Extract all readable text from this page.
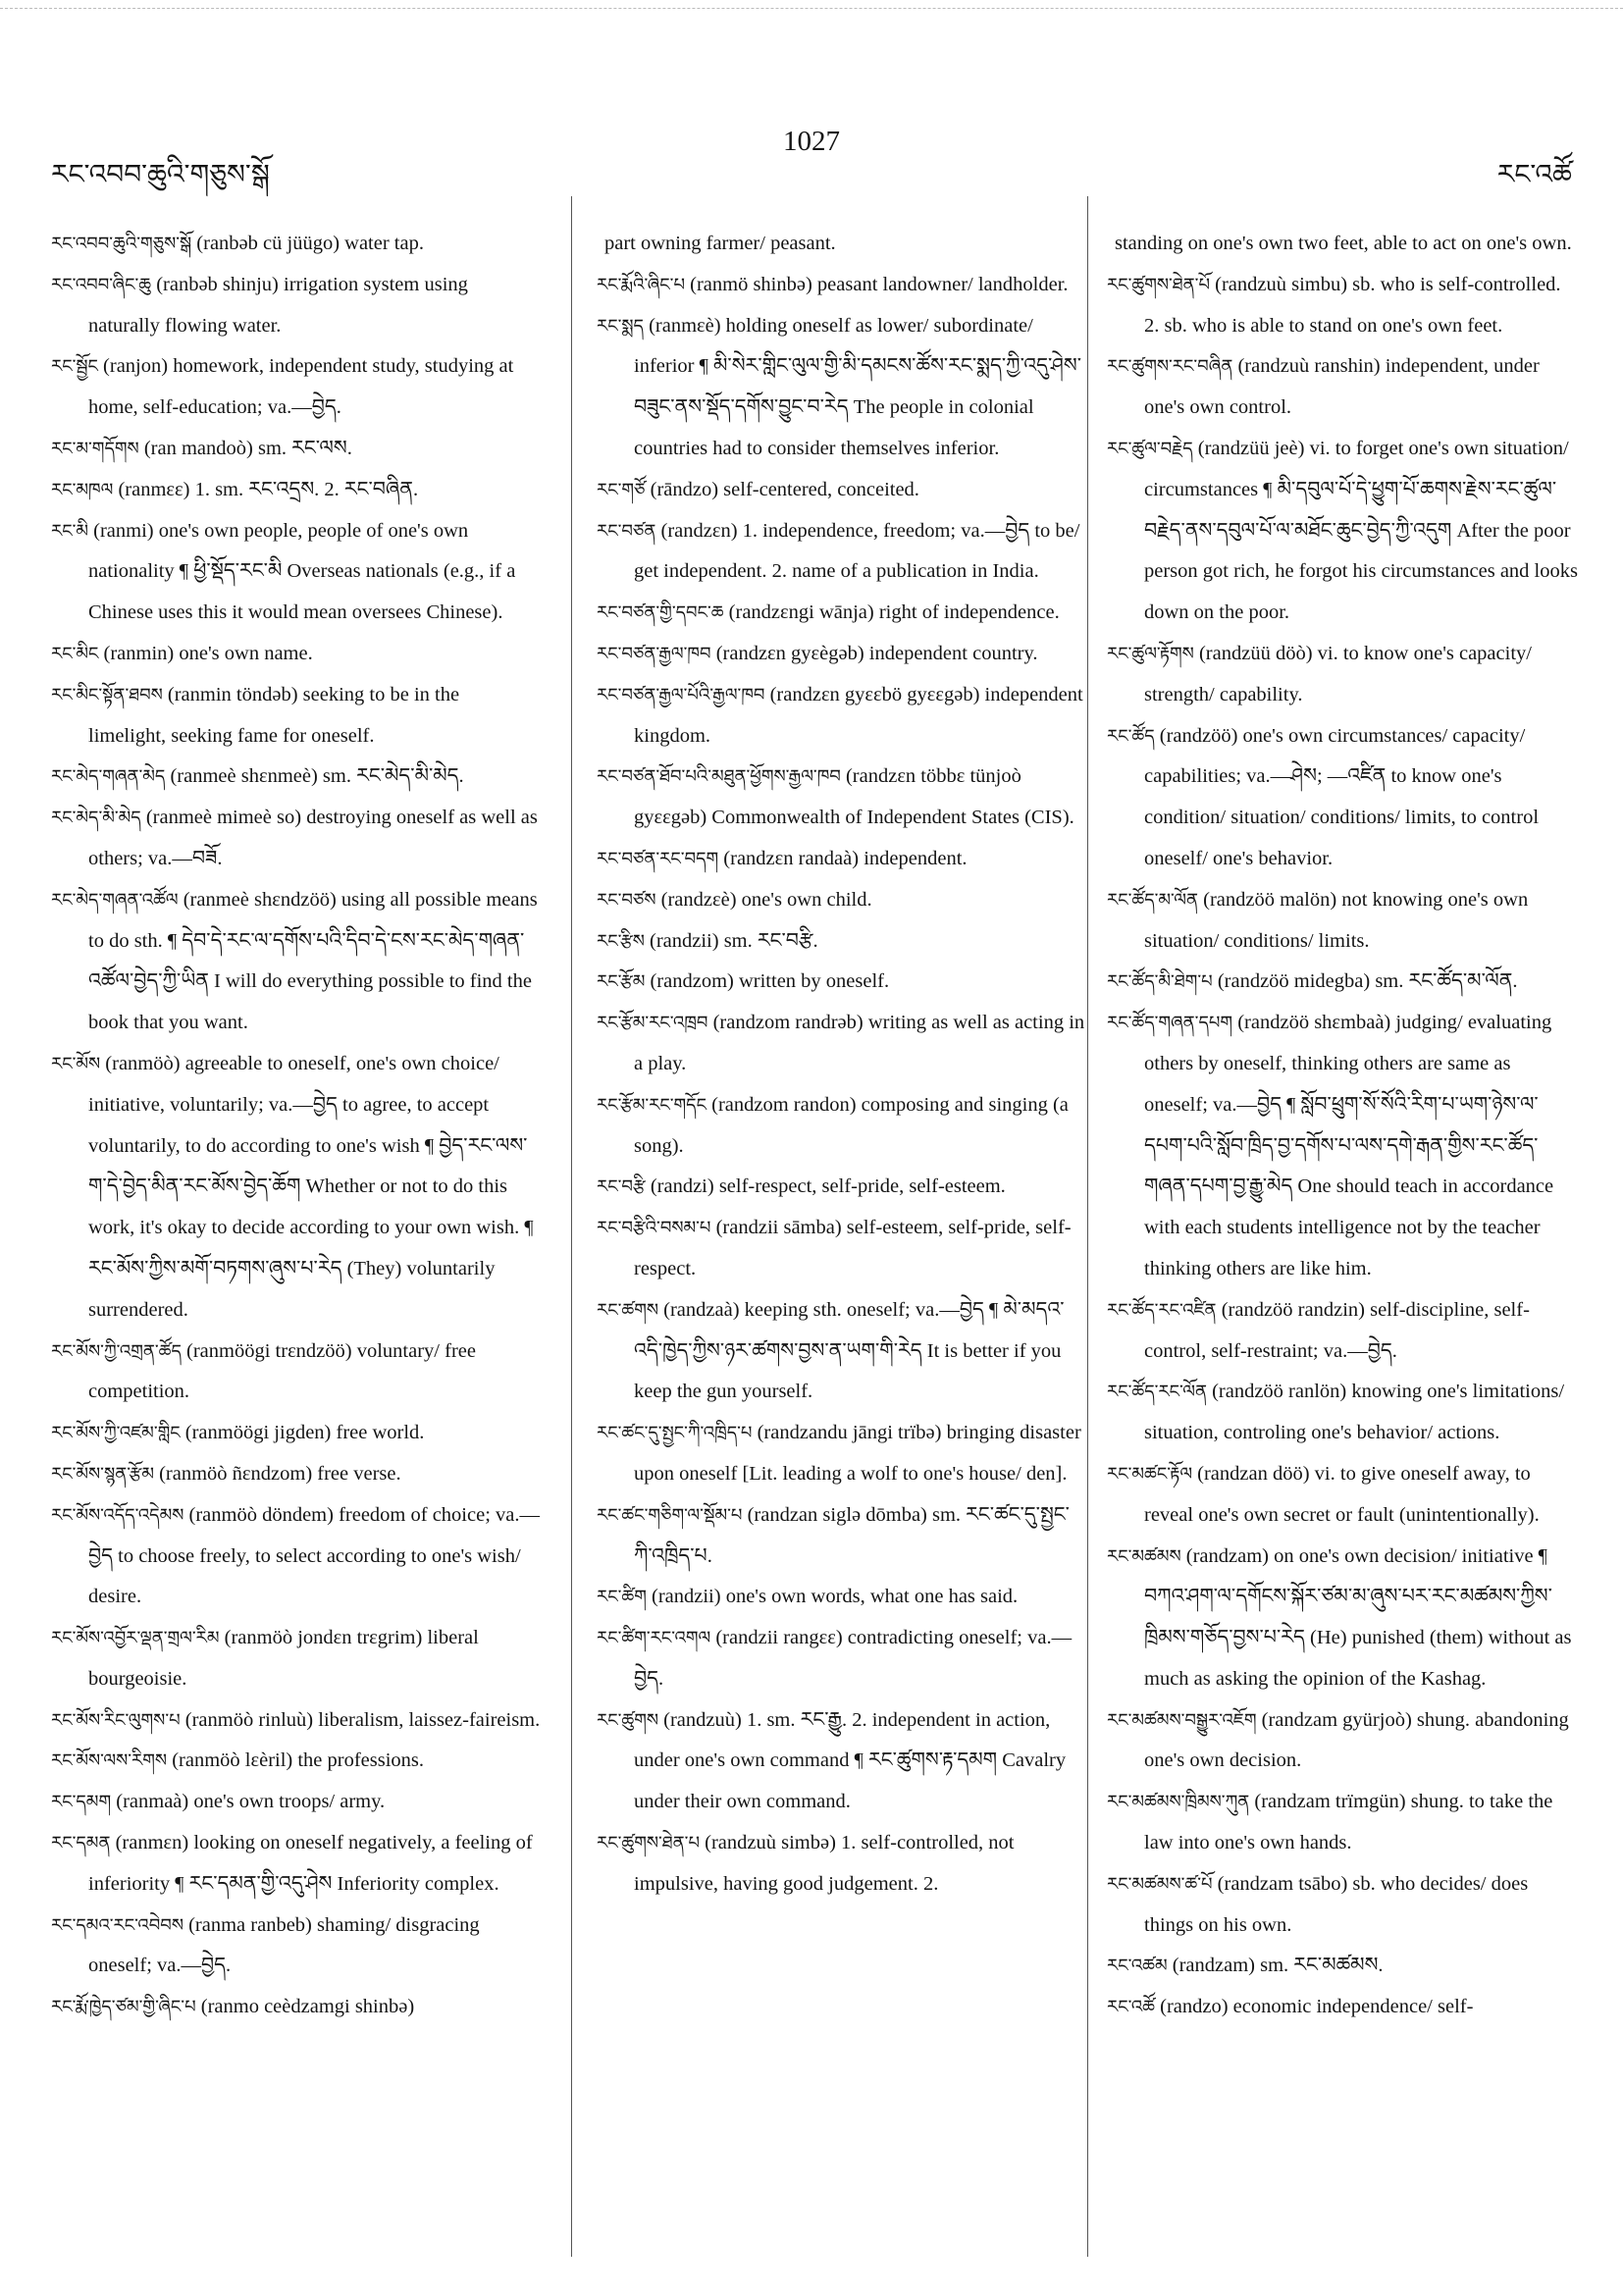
རང་འབབ་ཆུའི་གཅུས་སྒོ
1027
རང་འཚོ
རང་འབབ་ཆུའི་གཅུས་སྒོ (ranbəb cü jüügo) water tap.
རང་འབབ་ཞིང་ཆུ (ranbəb shinju) irrigation system using naturally flowing water.
རང་སྦྱོང (ranjon) homework, independent study, studying at home, self-education; va.—བྱེད.
རང་མ་གདོགས (ran mandoò) sm. རང་ལས.
རང་མཁལ (ranmεε) 1. sm. རང་འདྲས. 2. རང་བཞིན.
རང་མི (ranmi) one's own people, people of one's own nationality ¶ ཕྱི་སྡོད་རང་མི Overseas nationals (e.g., if a Chinese uses this it would mean oversees Chinese).
རང་མིང (ranmin) one's own name.
རང་མིང་སྟོན་ཐབས (ranmin töndəb) seeking to be in the limelight, seeking fame for oneself.
རང་མེད་གཞན་མེད (ranmeè shεnmeè) sm. རང་མེད་མི་མེད.
རང་མེད་མི་མེད (ranmeè mimeè so) destroying oneself as well as others; va.—བཟོ.
རང་མེད་གཞན་འཚོལ (ranmeè shεndzöö) using all possible means to do sth. ¶ དེབ་དེ་རང་ལ་དགོས་པའི་དིབ་དེ་ངས་རང་མེད་གཞན་འཚོལ་བྱེད་ཀྱི་ཡིན I will do everything possible to find the book that you want.
རང་མོས (ranmöò) agreeable to oneself, one's own choice/ initiative, voluntarily; va.—བྱེད to agree, to accept voluntarily, to do according to one's wish ¶ བྱེད་རང་ལས་ག་དེ་བྱེད་མིན་རང་མོས་བྱེད་ཆོག Whether or not to do this work, it's okay to decide according to your own wish. ¶ རང་མོས་ཀྱིས་མགོ་བཏགས་ཞུས་པ་རེད (They) voluntarily surrendered.
རང་མོས་ཀྱི་འགྲན་ཚོད (ranmöögi trεndzöö) voluntary/ free competition.
རང་མོས་ཀྱི་འཛམ་གླིང (ranmöögi jigden) free world.
རང་མོས་སྙན་རྩོམ (ranmöò ñεndzom) free verse.
རང་མོས་འདོད་འདེམས (ranmöò döndem) freedom of choice; va.—བྱེད to choose freely, to select according to one's wish/ desire.
རང་མོས་འབྱོར་ལྡན་གྲལ་རིམ (ranmöò jondεn trεgrim) liberal bourgeoisie.
རང་མོས་རིང་ལུགས་པ (ranmöò rinluù) liberalism, laissez-faireism.
རང་མོས་ལས་རིགས (ranmöò lεèril) the professions.
རང་དམག (ranmaà) one's own troops/ army.
རང་དམན (ranmεn) looking on oneself negatively, a feeling of inferiority ¶ རང་དམན་གྱི་འདུ་ཤེས Inferiority complex.
རང་དམའ་རང་འབེབས (ranma ranbeb) shaming/ disgracing oneself; va.—བྱེད.
རང་རྨོ་ཁྱེད་ཙམ་གྱི་ཞིང་པ (ranmo ceèdzamgi shinbə)
part owning farmer/ peasant.
རང་རྨོའི་ཞིང་པ (ranmö shinbə) peasant landowner/ landholder.
རང་སྨད (ranmεè) holding oneself as lower/ subordinate/ inferior ¶ མི་སེར་གླིང་ལུལ་གྱི་མི་དམངས་ཚོས་རང་སྨད་ཀྱི་འདུ་ཤེས་བཟུང་ནས་སྡོད་དགོས་བྱུང་བ་རེད The people in colonial countries had to consider themselves inferior.
རང་གཙོ (rāndzo) self-centered, conceited.
རང་བཙན (randzεn) 1. independence, freedom; va.—བྱེད to be/ get independent. 2. name of a publication in India.
རང་བཙན་གྱི་དབང་ཆ (randzεngi wānja) right of independence.
རང་བཙན་རྒྱལ་ཁབ (randzεn gyεègəb) independent country.
རང་བཙན་རྒྱལ་པོའི་རྒྱལ་ཁབ (randzεn gyεεbö gyεεgəb) independent kingdom.
རང་བཙན་ཐོབ་པའི་མཐུན་ཕྱོགས་རྒྱལ་ཁབ (randzεn többε tünjoò gyεεgəb) Commonwealth of Independent States (CIS).
རང་བཙན་རང་བདག (randzεn randaà) independent.
རང་བཙས (randzεè) one's own child.
རང་རྩིས (randzii) sm. རང་བརྩི.
རང་རྩོམ (randzom) written by oneself.
རང་རྩོམ་རང་འཁྲབ (randzom randrəb) writing as well as acting in a play.
རང་རྩོམ་རང་གདོང (randzom randon) composing and singing (a song).
རང་བརྩི (randzi) self-respect, self-pride, self-esteem.
རང་བརྩིའི་བསམ་པ (randzii sāmba) self-esteem, self-pride, self-respect.
རང་ཚགས (randzaà) keeping sth. oneself; va.—བྱེད ¶ མེ་མདའ་འདི་ཁྱེད་ཀྱིས་ཉར་ཚགས་བྱས་ན་ཡག་གི་རེད It is better if you keep the gun yourself.
རང་ཚང་དུ་སྤྱང་ཀི་འཁྲིད་པ (randzandu jāngi trïbə) bringing disaster upon oneself [Lit. leading a wolf to one's house/ den].
རང་ཚང་གཅིག་ལ་སྡོམ་པ (randzan siglə dōmba) sm. རང་ཚང་དུ་སྤྱང་ཀི་འཁྲིད་པ.
རང་ཚིག (randzii) one's own words, what one has said.
རང་ཚིག་རང་འགལ (randzii rangεε) contradicting oneself; va.—བྱེད.
རང་ཚུགས (randzuù) 1. sm. རང་རྒྱུ. 2. independent in action, under one's own command ¶ རང་ཚུགས་རྟ་དམག Cavalry under their own command.
རང་ཚུགས་ཐེན་པ (randzuù simbə) 1. self-controlled, not impulsive, having good judgement. 2.
standing on one's own two feet, able to act on one's own.
རང་ཚུགས་ཐེན་པོ (randzuù simbu) sb. who is self-controlled. 2. sb. who is able to stand on one's own feet.
རང་ཚུགས་རང་བཞིན (randzuù ranshin) independent, under one's own control.
རང་ཚུལ་བརྗེད (randzüü jeè) vi. to forget one's own situation/ circumstances ¶ མི་དབུལ་པོ་དེ་ཕྱུག་པོ་ཆགས་རྗེས་རང་ཚུལ་བརྗེད་ནས་དབུལ་པོ་ལ་མཐོང་ཆུང་བྱེད་ཀྱི་འདུག After the poor person got rich, he forgot his circumstances and looks down on the poor.
རང་ཚུལ་རྟོགས (randzüü döò) vi. to know one's capacity/ strength/ capability.
རང་ཚོད (randzöö) one's own circumstances/ capacity/ capabilities; va.—ཤེས; —འཛིན to know one's condition/ situation/ conditions/ limits, to control oneself/ one's behavior.
རང་ཚོད་མ་ལོན (randzöö malön) not knowing one's own situation/ conditions/ limits.
རང་ཚོད་མི་ཐེག་པ (randzöö midegba) sm. རང་ཚོད་མ་ལོན.
རང་ཚོད་གཞན་དཔག (randzöö shεmbaà) judging/ evaluating others by oneself, thinking others are same as oneself; va.—བྱེད ¶ སློབ་ཕྲུག་སོ་སོའི་རིག་པ་ཡག་ཉེས་ལ་དཔག་པའི་སློབ་ཁྲིད་བྱ་དགོས་པ་ལས་དགེ་རྒན་གྱིས་རང་ཚོད་གཞན་དཔག་བྱ་རྒྱུ་མེད One should teach in accordance with each students intelligence not by the teacher thinking others are like him.
རང་ཚོད་རང་འཛིན (randzöö randzin) self-discipline, self-control, self-restraint; va.—བྱེད.
རང་ཚོད་རང་ལོན (randzöö ranlön) knowing one's limitations/ situation, controling one's behavior/ actions.
རང་མཚང་རྟོལ (randzan döö) vi. to give oneself away, to reveal one's own secret or fault (unintentionally).
རང་མཚམས (randzam) on one's own decision/ initiative ¶ བཀའ་ཤག་ལ་དགོངས་སྐོར་ཙམ་མ་ཞུས་པར་རང་མཚམས་ཀྱིས་ཁྲིམས་གཅོད་བྱས་པ་རེད (He) punished (them) without as much as asking the opinion of the Kashag.
རང་མཚམས་བསྒྱུར་འཇོག (randzam gyürjoò) shung. abandoning one's own decision.
རང་མཚམས་ཁྲིམས་ཀུན (randzam trïmgün) shung. to take the law into one's own hands.
རང་མཚམས་ཚ་པོ (randzam tsābo) sb. who decides/ does things on his own.
རང་འཚམ (randzam) sm. རང་མཚམས.
རང་འཚོ (randzo) economic independence/ self-
